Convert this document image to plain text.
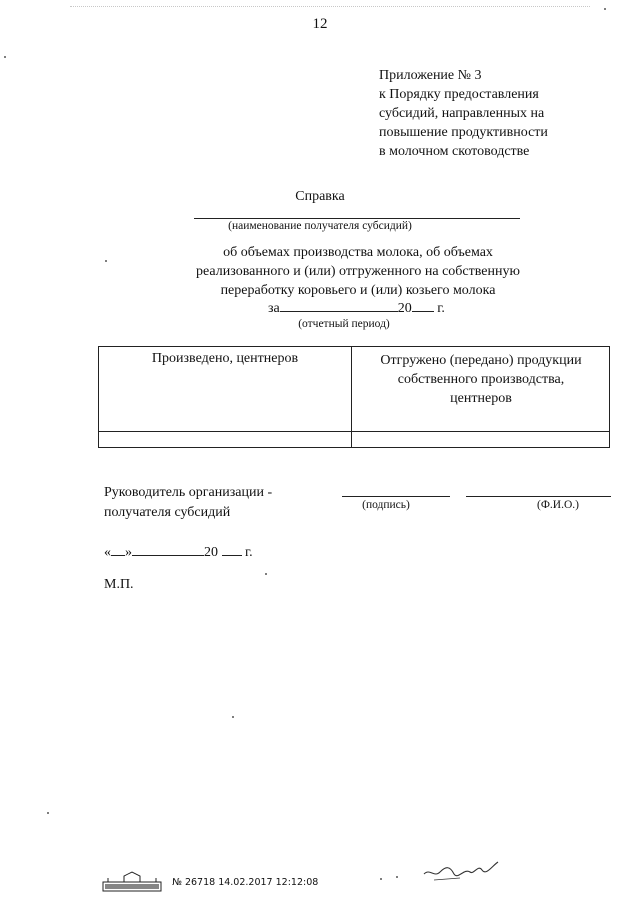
12
Приложение № 3
к Порядку предоставления
субсидий, направленных на
повышение продуктивности
в молочном скотоводстве
Справка
(наименование получателя субсидий)
об объемах производства молока, об объемах
реализованного и (или) отгруженного на собственную
переработку коровьего и (или) козьего молока
за	20 г.
(отчетный период)
Произведено, центнеров	Отгружено (передано) продукции
собственного производства,
центнеров
Руководитель организации -
получателя субсидий	(подпись)	(Ф.И.О.)
« »	20 г.
М.П.
№ 26718 14.02.2017 12:12:08
